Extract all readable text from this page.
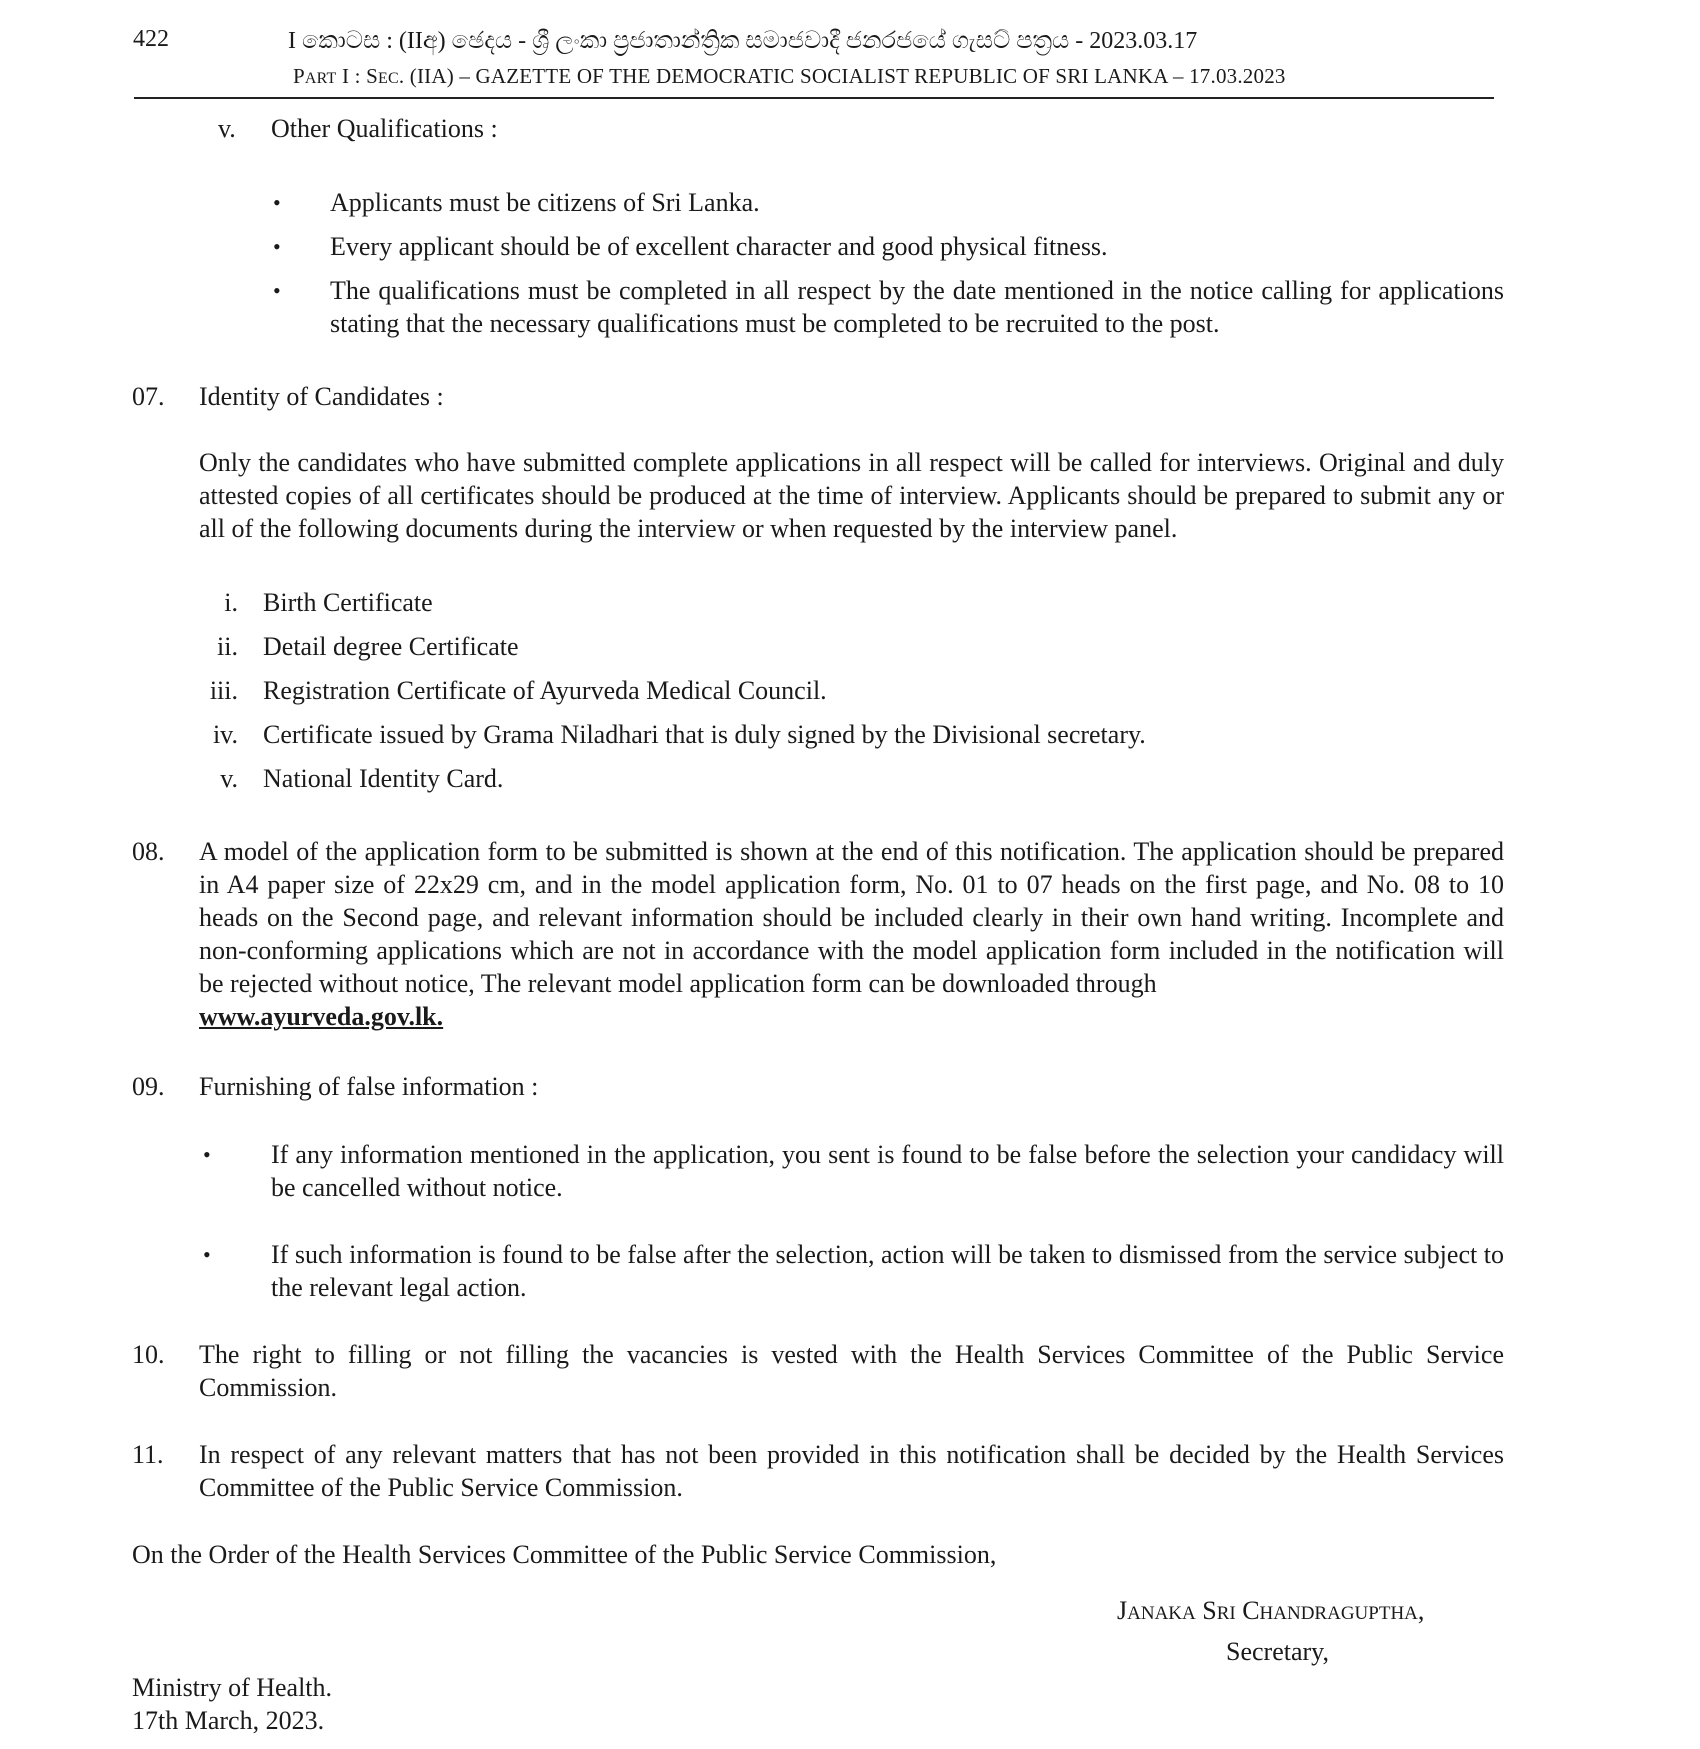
422	I කොටස : (IIඅ) ඡෙදය - ශ්‍රී ලංකා ප්‍රජාතාන්ත්‍රික සමාජවාදී ජනරජයේ ගැසට් පත්‍රය - 2023.03.17
PART I : SEC. (IIA) – GAZETTE OF THE DEMOCRATIC SOCIALIST REPUBLIC OF SRI LANKA – 17.03.2023
v. Other Qualifications :
• Applicants must be citizens of Sri Lanka.
• Every applicant should be of excellent character and good physical fitness.
• The qualifications must be completed in all respect by the date mentioned in the notice calling for applications stating that the necessary qualifications must be completed to be recruited to the post.
07. Identity of Candidates :
Only the candidates who have submitted complete applications in all respect will be called for interviews. Original and duly attested copies of all certificates should be produced at the time of interview. Applicants should be prepared to submit any or all of the following documents during the interview or when requested by the interview panel.
i. Birth Certificate
ii. Detail degree Certificate
iii. Registration Certificate of Ayurveda Medical Council.
iv. Certificate issued by Grama Niladhari that is duly signed by the Divisional secretary.
v. National Identity Card.
08. A model of the application form to be submitted is shown at the end of this notification. The application should be prepared in A4 paper size of 22x29 cm, and in the model application form, No. 01 to 07 heads on the first page, and No. 08 to 10 heads on the Second page, and relevant information should be included clearly in their own hand writing. Incomplete and non-conforming applications which are not in accordance with the model application form included in the notification will be rejected without notice, The relevant model application form can be downloaded through
www.ayurveda.gov.lk.
09. Furnishing of false information :
• If any information mentioned in the application, you sent is found to be false before the selection your candidacy will be cancelled without notice.
• If such information is found to be false after the selection, action will be taken to dismissed from the service subject to the relevant legal action.
10. The right to filling or not filling the vacancies is vested with the Health Services Committee of the Public Service Commission.
11. In respect of any relevant matters that has not been provided in this notification shall be decided by the Health Services Committee of the Public Service Commission.
On the Order of the Health Services Committee of the Public Service Commission,
JANAKA SRI CHANDRAGUPTHA,
Secretary,
Ministry of Health.
17th March, 2023.
